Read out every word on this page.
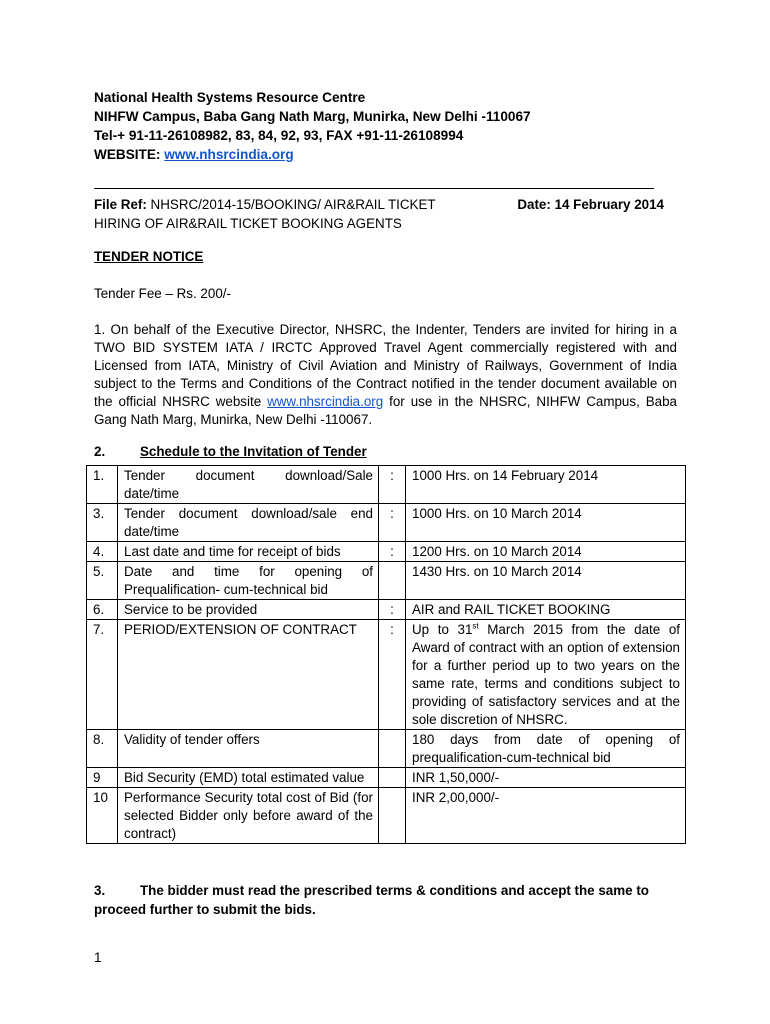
National Health Systems Resource Centre
NIHFW Campus, Baba Gang Nath Marg, Munirka, New Delhi -110067
Tel-+ 91-11-26108982, 83, 84, 92, 93, FAX +91-11-26108994
WEBSITE: www.nhsrcindia.org
File Ref: NHSRC/2014-15/BOOKING/ AIR&RAIL TICKET	Date: 14 February 2014
HIRING OF AIR&RAIL TICKET BOOKING AGENTS
TENDER NOTICE
Tender Fee – Rs. 200/-
1. On behalf of the Executive Director, NHSRC, the Indenter, Tenders are invited for hiring in a TWO BID SYSTEM IATA / IRCTC Approved Travel Agent commercially registered with and Licensed from IATA, Ministry of Civil Aviation and Ministry of Railways, Government of India subject to the Terms and Conditions of the Contract notified in the tender document available on the official NHSRC website www.nhsrcindia.org for use in the NHSRC, NIHFW Campus, Baba Gang Nath Marg, Munirka, New Delhi -110067.
2.	Schedule to the Invitation of Tender
1.	Tender document download/Sale date/time	:	1000 Hrs. on 14 February 2014
3.	Tender document download/sale end date/time	:	1000 Hrs. on 10 March 2014
4.	Last date and time for receipt of bids	:	1200 Hrs. on 10 March 2014
5.	Date and time for opening of Prequalification- cum-technical bid		1430 Hrs. on 10 March 2014
6.	Service to be provided	:	AIR and RAIL TICKET BOOKING
7.	PERIOD/EXTENSION OF CONTRACT	:	Up to 31st March 2015 from the date of Award of contract with an option of extension for a further period up to two years on the same rate, terms and conditions subject to providing of satisfactory services and at the sole discretion of NHSRC.
8.	Validity of tender offers		180 days from date of opening of prequalification-cum-technical bid
9	Bid Security (EMD) total estimated value		INR 1,50,000/-
10	Performance Security total cost of Bid (for selected Bidder only before award of the contract)		INR 2,00,000/-
3.	The bidder must read the prescribed terms & conditions and accept the same to proceed further to submit the bids.
1
